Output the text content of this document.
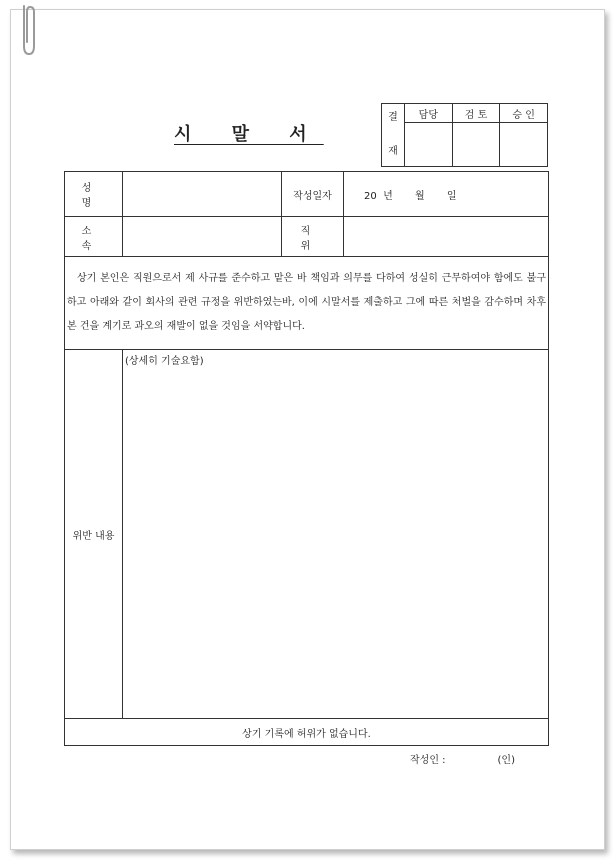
시 말 서
결
재	담당	검 토	승 인

성 명		작성일자	20  년       월       일
소 속		직 위	
상기 본인은 직원으로서 제 사규를 준수하고 맡은 바 책임과 의무를 다하여 성실히 근무하여야 함에도 불구하고 아래와 같이 회사의 관련 규정을 위반하였는바, 이에 시말서를 제출하고 그에 따른 처벌을 감수하며 차후 본 건을 계기로 과오의 재발이 없을 것임을 서약합니다.			
위반 내용	(상세히 기술요함)		
상기 기록에 허위가 없습니다.			
작성인 :	(인)
